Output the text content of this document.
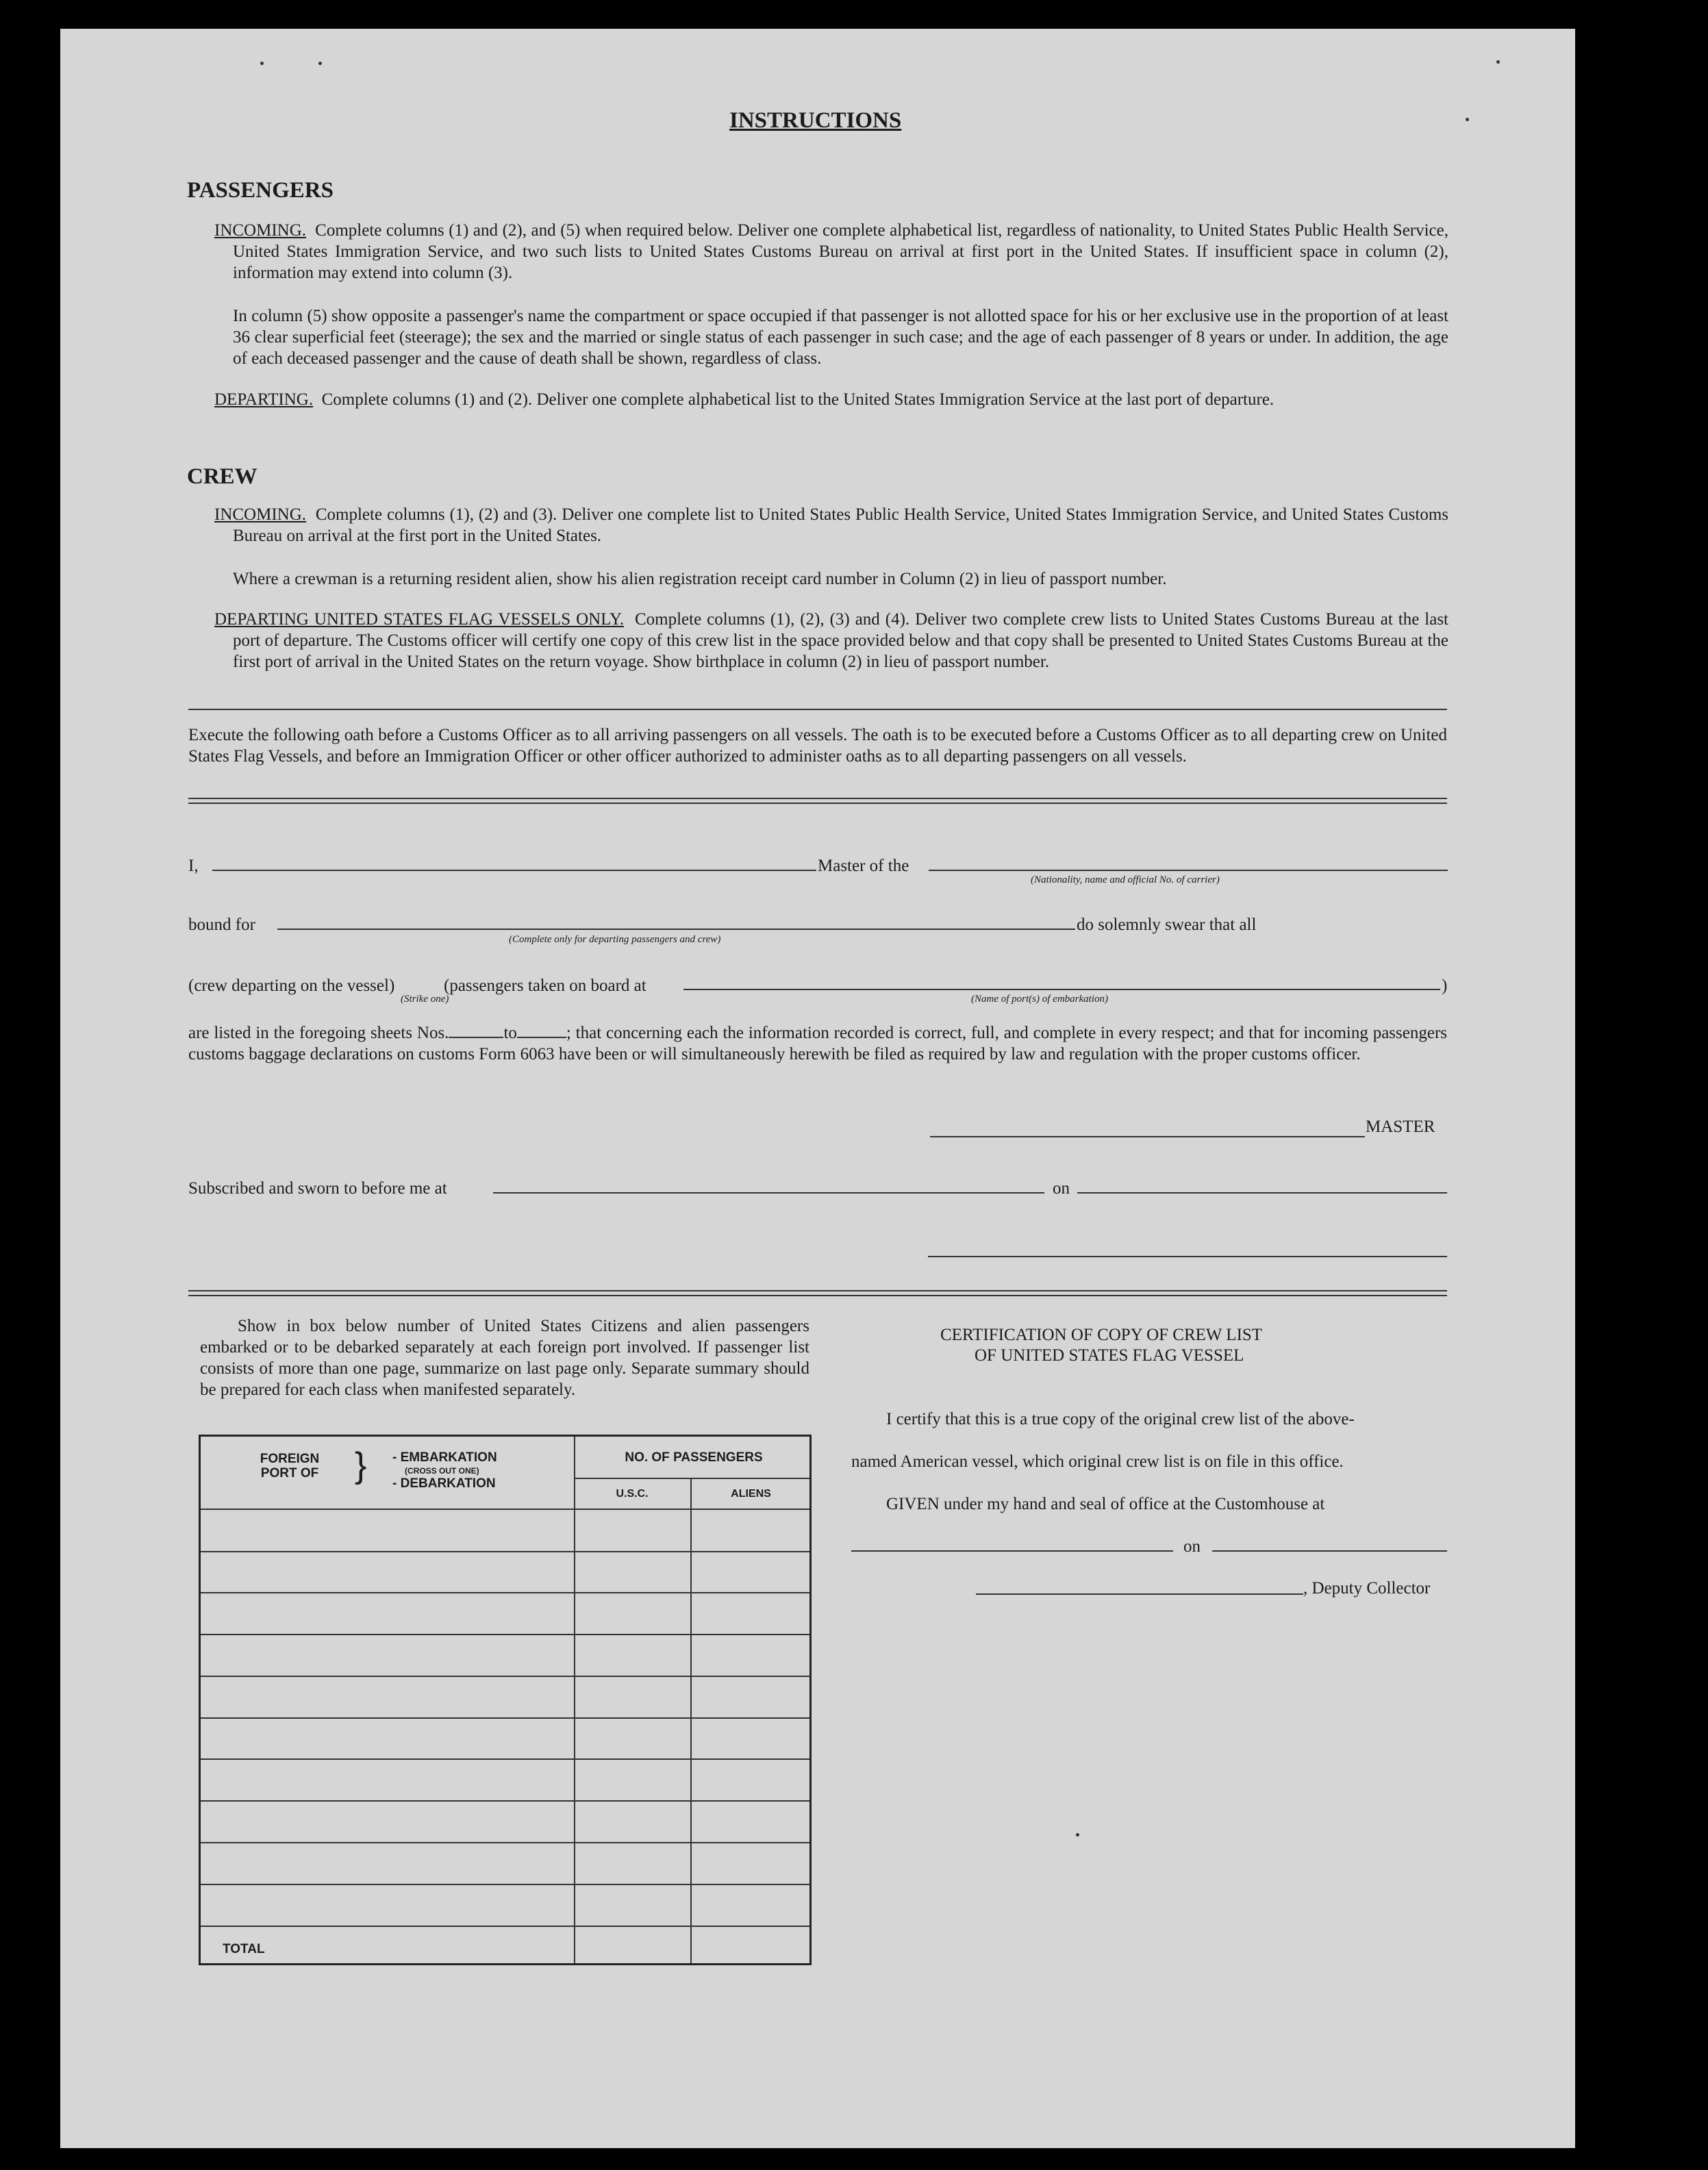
INSTRUCTIONS
PASSENGERS
INCOMING. Complete columns (1) and (2), and (5) when required below. Deliver one complete alphabetical list, regardless of nationality, to United States Public Health Service, United States Immigration Service, and two such lists to United States Customs Bureau on arrival at first port in the United States. If insufficient space in column (2), information may extend into column (3).
In column (5) show opposite a passenger's name the compartment or space occupied if that passenger is not allotted space for his or her exclusive use in the proportion of at least 36 clear superficial feet (steerage); the sex and the married or single status of each passenger in such case; and the age of each passenger of 8 years or under. In addition, the age of each deceased passenger and the cause of death shall be shown, regardless of class.
DEPARTING. Complete columns (1) and (2). Deliver one complete alphabetical list to the United States Immigration Service at the last port of departure.
CREW
INCOMING. Complete columns (1), (2) and (3). Deliver one complete list to United States Public Health Service, United States Immigration Service, and United States Customs Bureau on arrival at the first port in the United States.
Where a crewman is a returning resident alien, show his alien registration receipt card number in Column (2) in lieu of passport number.
DEPARTING UNITED STATES FLAG VESSELS ONLY. Complete columns (1), (2), (3) and (4). Deliver two complete crew lists to United States Customs Bureau at the last port of departure. The Customs officer will certify one copy of this crew list in the space provided below and that copy shall be presented to United States Customs Bureau at the first port of arrival in the United States on the return voyage. Show birthplace in column (2) in lieu of passport number.
Execute the following oath before a Customs Officer as to all arriving passengers on all vessels. The oath is to be executed before a Customs Officer as to all departing crew on United States Flag Vessels, and before an Immigration Officer or other officer authorized to administer oaths as to all departing passengers on all vessels.
I,	Master of the
(Nationality, name and official No. of carrier)
bound for
(Complete only for departing passengers and crew)
do solemnly swear that all
(crew departing on the vessel)
(Strike one)
(passengers taken on board at	)
(Name of port(s) of embarkation)
are listed in the foregoing sheets Nos.	to	; that concerning each the information recorded is correct, full, and complete in every respect; and that for incoming passengers customs baggage declarations on customs Form 6063 have been or will simultaneously herewith be filed as required by law and regulation with the proper customs officer.
MASTER
Subscribed and sworn to before me at	on
Show in box below number of United States Citizens and alien passengers embarked or to be debarked separately at each foreign port involved. If passenger list consists of more than one page, summarize on last page only. Separate summary should be prepared for each class when manifested separately.
FOREIGN PORT OF	} - EMBARKATION
(CROSS OUT ONE)
- DEBARKATION
NO. OF PASSENGERS
U.S.C.	ALIENS
TOTAL
CERTIFICATION OF COPY OF CREW LIST
OF UNITED STATES FLAG VESSEL
I certify that this is a true copy of the original crew list of the above-
named American vessel, which original crew list is on file in this office.
GIVEN under my hand and seal of office at the Customhouse at
on
, Deputy Collector
